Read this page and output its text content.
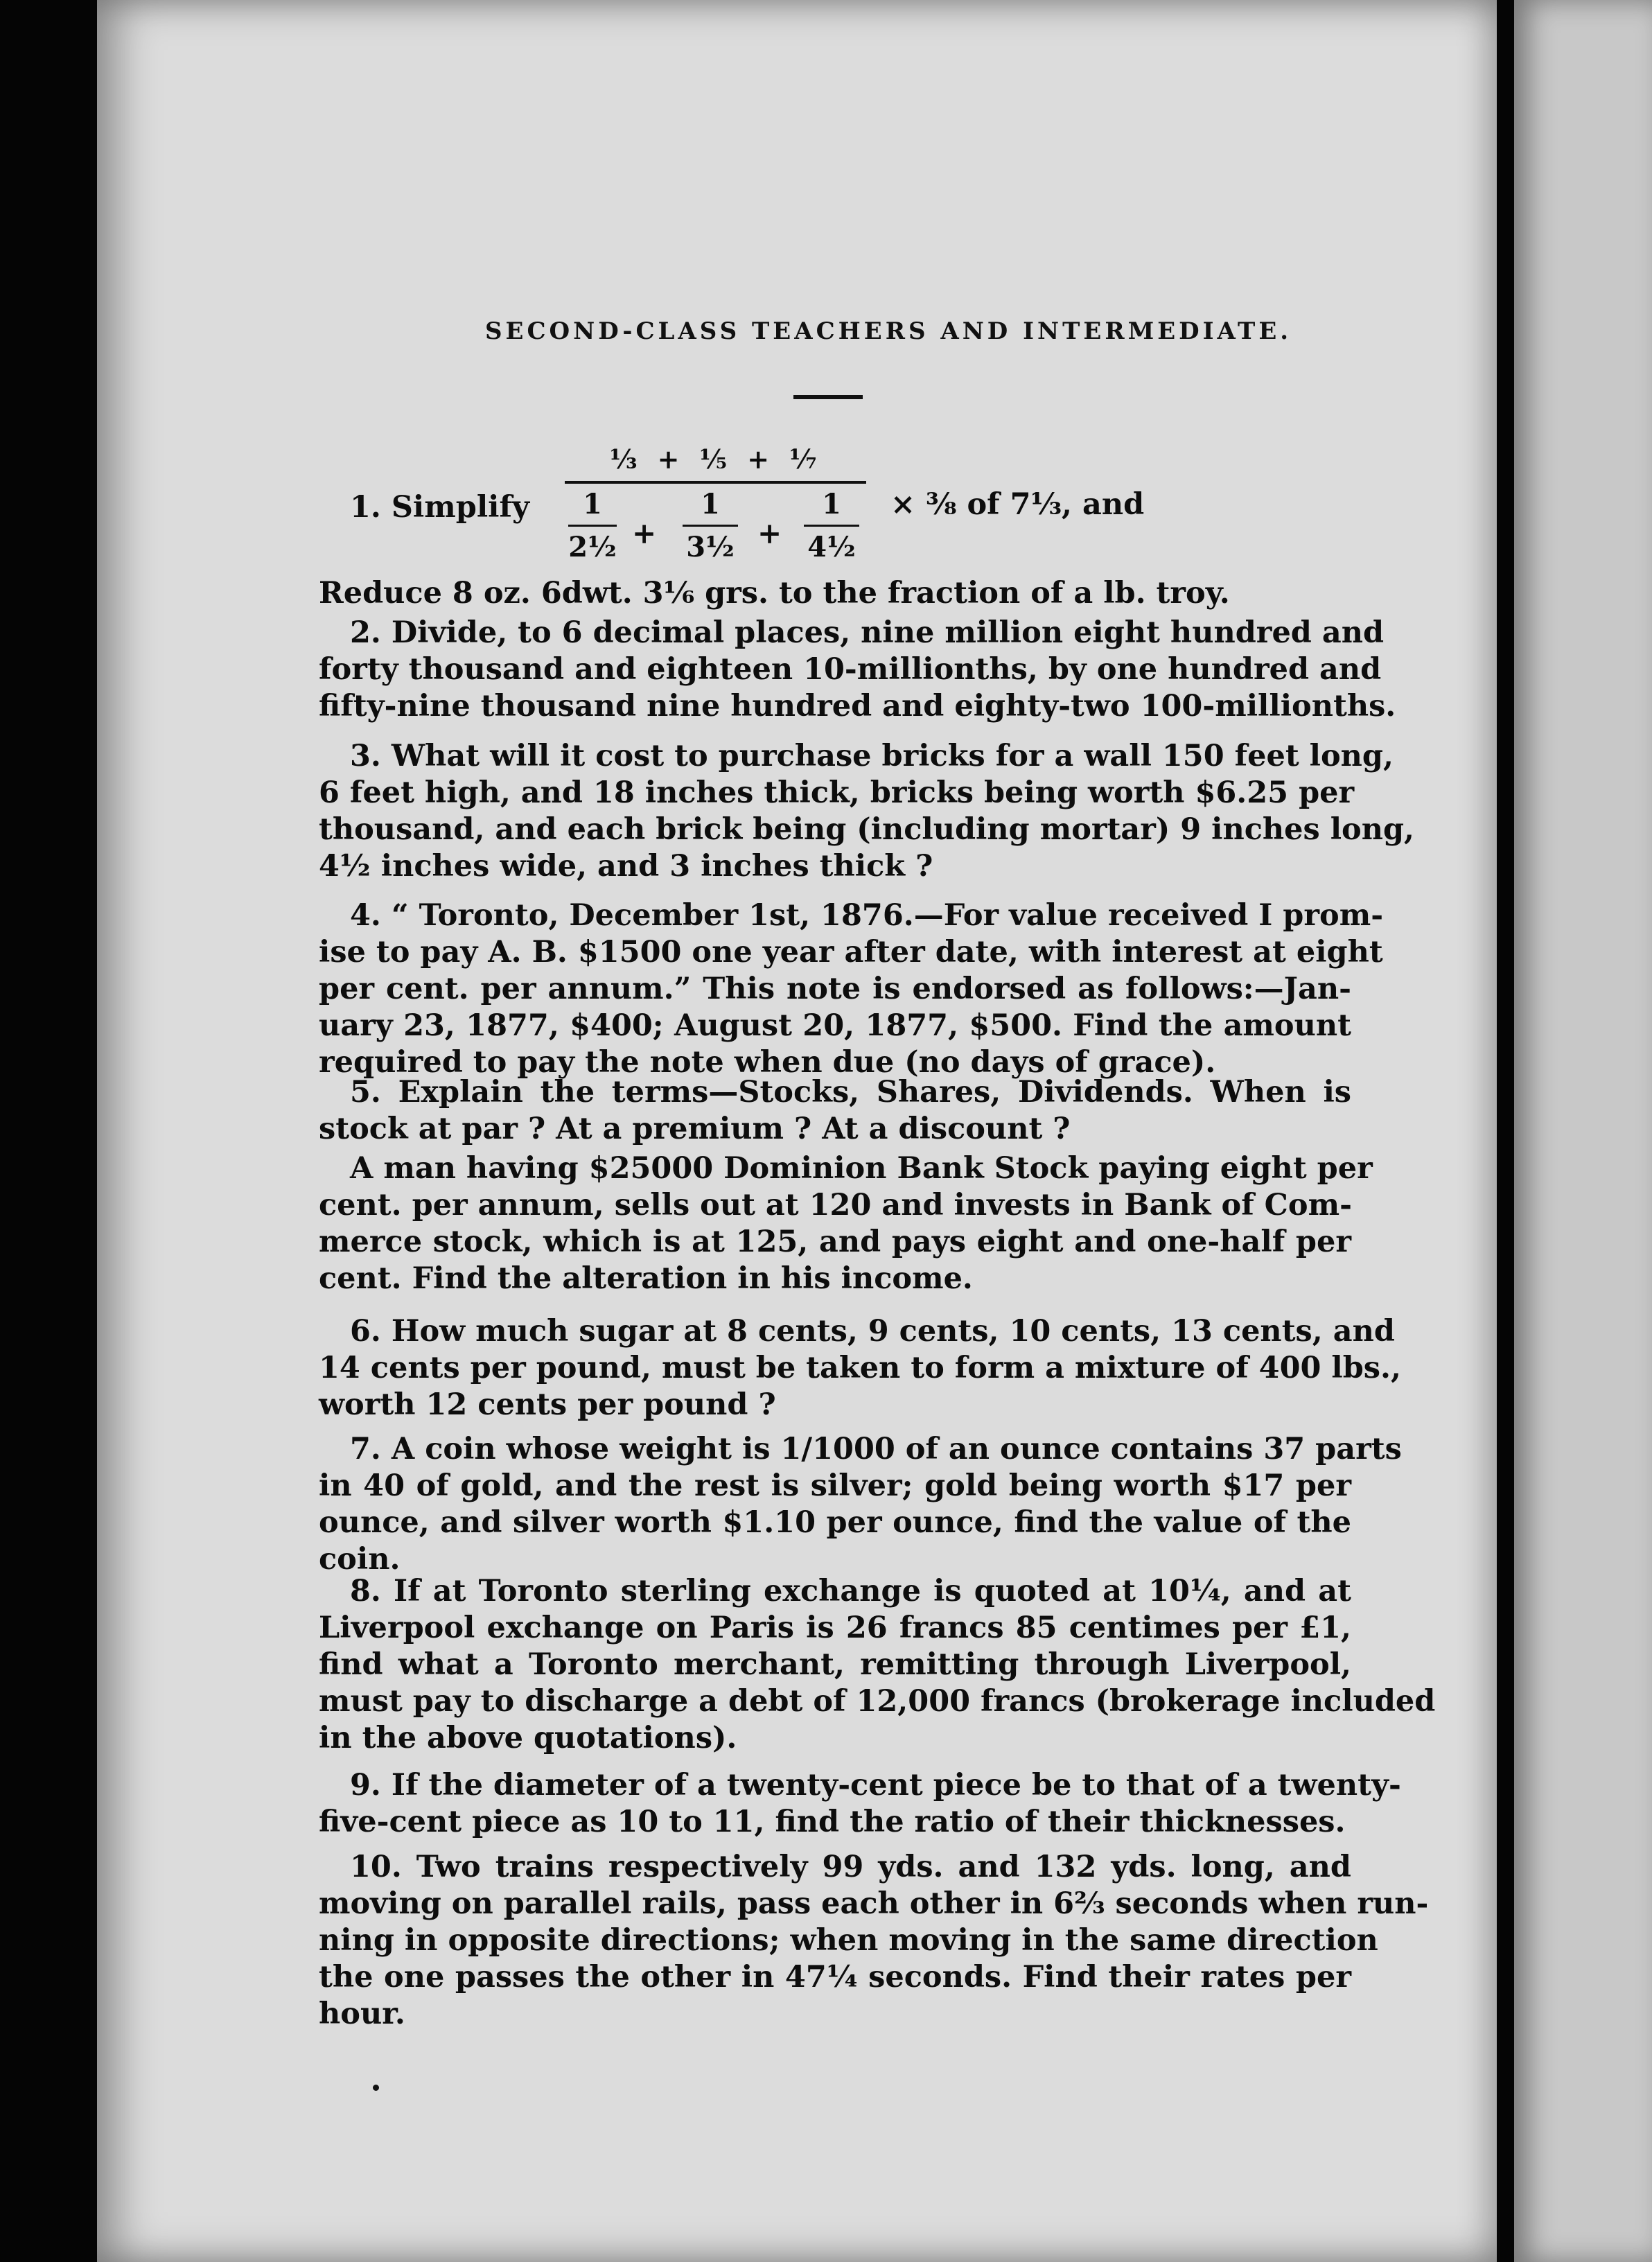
SECOND-CLASS TEACHERS AND INTERMEDIATE.
1. Simplify
⅓ + ⅕ + ⅐
1
2½ +
1
3½ +
1
4½
× ⅜ of 7⅓, and
Reduce 8 oz. 6dwt. 3⅙ grs. to the fraction of a lb. troy.
2. Divide, to 6 decimal places, nine million eight hundred and
forty thousand and eighteen 10-millionths, by one hundred and
fifty-nine thousand nine hundred and eighty-two 100-millionths.
3. What will it cost to purchase bricks for a wall 150 feet long,
6 feet high, and 18 inches thick, bricks being worth $6.25 per
thousand, and each brick being (including mortar) 9 inches long,
4½ inches wide, and 3 inches thick ?
4. “ Toronto, December 1st, 1876.—For value received I prom-
ise to pay A. B. $1500 one year after date, with interest at eight
per cent. per annum.” This note is endorsed as follows:—Jan-
uary 23, 1877, $400; August 20, 1877, $500. Find the amount
required to pay the note when due (no days of grace).
5. Explain the terms—Stocks, Shares, Dividends. When is
stock at par ? At a premium ? At a discount ?
A man having $25000 Dominion Bank Stock paying eight per
cent. per annum, sells out at 120 and invests in Bank of Com-
merce stock, which is at 125, and pays eight and one-half per
cent. Find the alteration in his income.
6. How much sugar at 8 cents, 9 cents, 10 cents, 13 cents, and
14 cents per pound, must be taken to form a mixture of 400 lbs.,
worth 12 cents per pound ?
7. A coin whose weight is 1/1000 of an ounce contains 37 parts
in 40 of gold, and the rest is silver; gold being worth $17 per
ounce, and silver worth $1.10 per ounce, find the value of the
coin.
8. If at Toronto sterling exchange is quoted at 10¼, and at
Liverpool exchange on Paris is 26 francs 85 centimes per £1,
find what a Toronto merchant, remitting through Liverpool,
must pay to discharge a debt of 12,000 francs (brokerage included
in the above quotations).
9. If the diameter of a twenty-cent piece be to that of a twenty-
five-cent piece as 10 to 11, find the ratio of their thicknesses.
10. Two trains respectively 99 yds. and 132 yds. long, and
moving on parallel rails, pass each other in 6⅔ seconds when run-
ning in opposite directions; when moving in the same direction
the one passes the other in 47¼ seconds. Find their rates per
hour.
